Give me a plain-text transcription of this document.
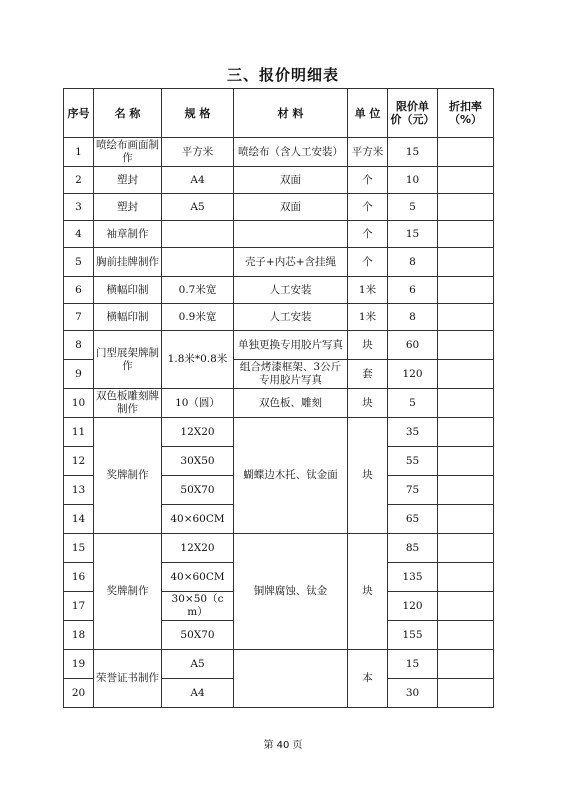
三、报价明细表
序号	名 称	规 格	材 料	单 位	限价单 价（元）	折扣率（%）
1	喷绘布画面制作	平方米	喷绘布（含人工安装）	平方米	15	
2	塑封	A4	双面	个	10	
3	塑封	A5	双面	个	5	
4	袖章制作			个	15	
5	胸前挂牌制作		壳子+内芯+含挂绳	个	8	
6	横幅印制	0.7米宽	人工安装	1米	6	
7	横幅印制	0.9米宽	人工安装	1米	8	
8	门型展架牌制作	1.8米*0.8米	单独更换专用胶片写真	块	60	
9			组合烤漆框架、3公斤专用胶片写真	套	120	
10	双色板雕刻牌制作	10（圆）	双色板、雕刻	块	5	
11	奖牌制作	12X20	蝴蝶边木托、钛金面	块	35	
12		30X50			55	
13		50X70			75	
14		40×60CM			65	
15	奖牌制作	12X20	铜牌腐蚀、钛金	块	85	
16		40×60CM			135	
17		30×50（cm）			120	
18		50X70			155	
19	荣誉证书制作	A5		本	15	
20		A4			30	
第 40 页
